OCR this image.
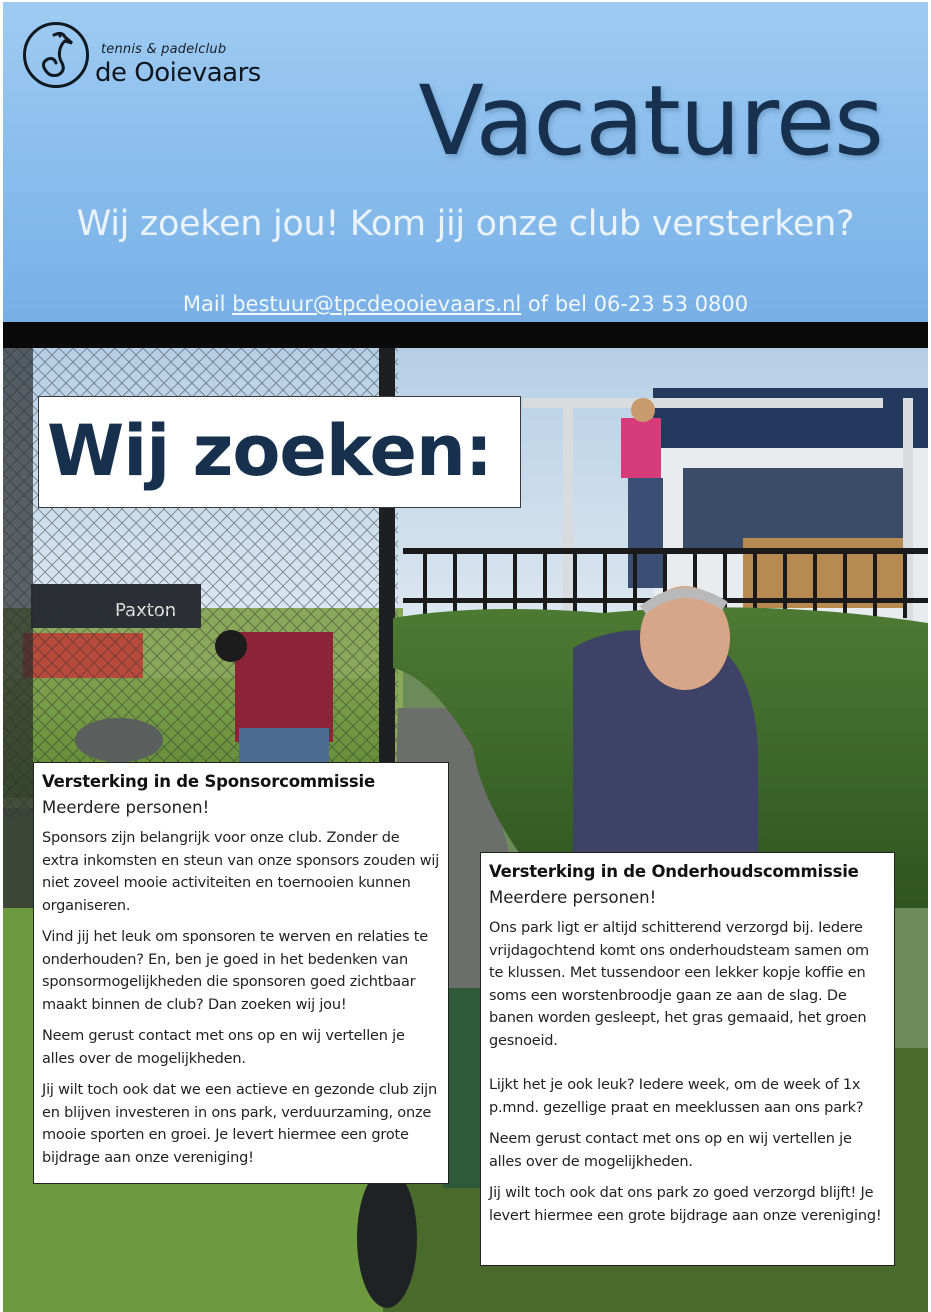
tennis & padelclub
de Ooievaars Vacatures
Wij zoeken jou! Kom jij onze club versterken?
Mail bestuur@tpcdeooievaars.nl of bel 06-23 53 0800
Wij zoeken:
Versterking in de Sponsorcommissie
Meerdere personen!

Sponsors zijn belangrijk voor onze club. Zonder de extra inkomsten en steun van onze sponsors zouden wij niet zoveel mooie activiteiten en toernooien kunnen organiseren.

Vind jij het leuk om sponsoren te werven en relaties te onderhouden? En, ben je goed in het bedenken van sponsormogelijkheden die sponsoren goed zichtbaar maakt binnen de club? Dan zoeken wij jou!

Neem gerust contact met ons op en wij vertellen je alles over de mogelijkheden.

Jij wilt toch ook dat we een actieve en gezonde club zijn en blijven investeren in ons park, verduurzaming, onze mooie sporten en groei. Je levert hiermee een grote bijdrage aan onze vereniging!

Versterking in de Onderhoudscommissie
Meerdere personen!

Ons park ligt er altijd schitterend verzorgd bij. Iedere vrijdagochtend komt ons onderhoudsteam samen om te klussen. Met tussendoor een lekker kopje koffie en soms een worstenbroodje gaan ze aan de slag. De banen worden gesleept, het gras gemaaid, het groen gesnoeid.

Lijkt het je ook leuk? Iedere week, om de week of 1x p.mnd. gezellige praat en meeklussen aan ons park?

Neem gerust contact met ons op en wij vertellen je alles over de mogelijkheden.

Jij wilt toch ook dat ons park zo goed verzorgd blijft! Je levert hiermee een grote bijdrage aan onze vereniging!
